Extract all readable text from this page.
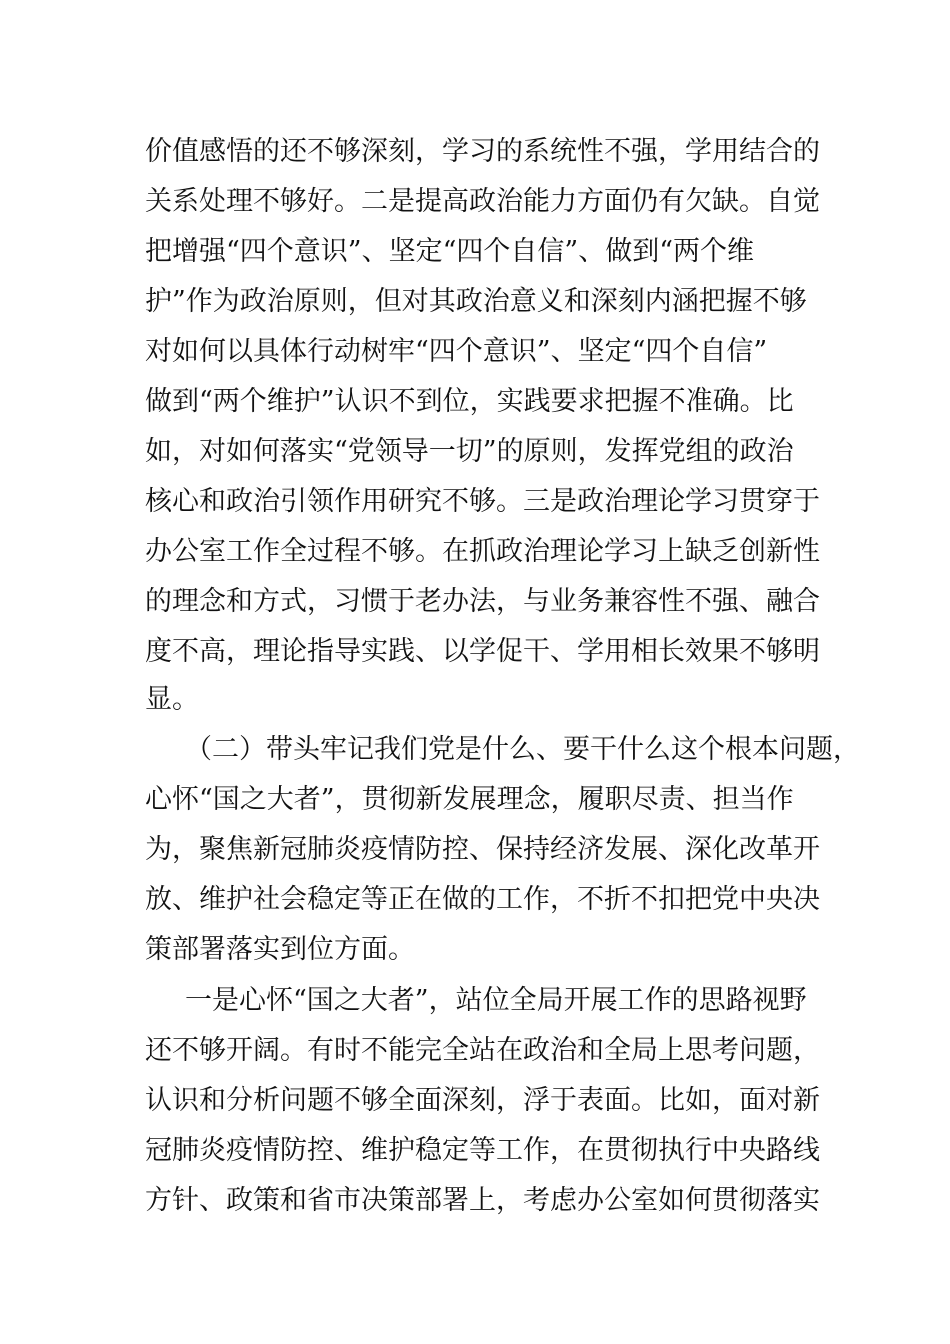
价值感悟的还不够深刻，学习的系统性不强，学用结合的
关系处理不够好。二是提高政治能力方面仍有欠缺。自觉
把增强“四个意识”、坚定“四个自信”、做到“两个维
护”作为政治原则，但对其政治意义和深刻内涵把握不够
对如何以具体行动树牢“四个意识”、坚定“四个自信”
做到“两个维护”认识不到位，实践要求把握不准确。比
如，对如何落实“党领导一切”的原则，发挥党组的政治
核心和政治引领作用研究不够。三是政治理论学习贯穿于
办公室工作全过程不够。在抓政治理论学习上缺乏创新性
的理念和方式，习惯于老办法，与业务兼容性不强、融合
度不高，理论指导实践、以学促干、学用相长效果不够明
显。
（二）带头牢记我们党是什么、要干什么这个根本问题，
心怀“国之大者”，贯彻新发展理念，履职尽责、担当作
为，聚焦新冠肺炎疫情防控、保持经济发展、深化改革开
放、维护社会稳定等正在做的工作，不折不扣把党中央决
策部署落实到位方面。
一是心怀“国之大者”，站位全局开展工作的思路视野
还不够开阔。有时不能完全站在政治和全局上思考问题，
认识和分析问题不够全面深刻，浮于表面。比如，面对新
冠肺炎疫情防控、维护稳定等工作，在贯彻执行中央路线
方针、政策和省市决策部署上，考虑办公室如何贯彻落实
